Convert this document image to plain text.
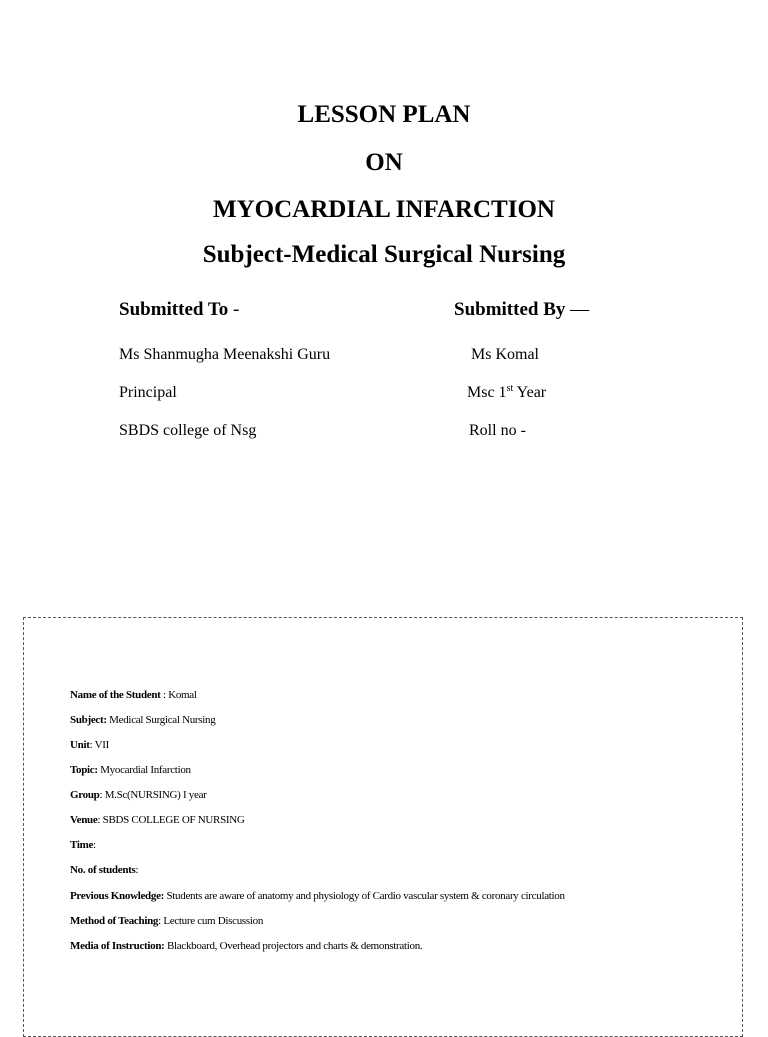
LESSON PLAN
ON
MYOCARDIAL INFARCTION
Subject-Medical Surgical Nursing
Submitted To -	Submitted By —
Ms Shanmugha Meenakshi Guru
Principal
SBDS college of Nsg
Ms Komal
Msc 1st Year
Roll no -
Name of the Student : Komal
Subject: Medical Surgical Nursing
Unit: VII
Topic: Myocardial Infarction
Group: M.Sc(NURSING) I year
Venue: SBDS COLLEGE OF NURSING
Time:
No. of students:
Previous Knowledge: Students are aware of anatomy and physiology of Cardio vascular system & coronary circulation
Method of Teaching: Lecture cum Discussion
Media of Instruction: Blackboard, Overhead projectors and charts & demonstration.
